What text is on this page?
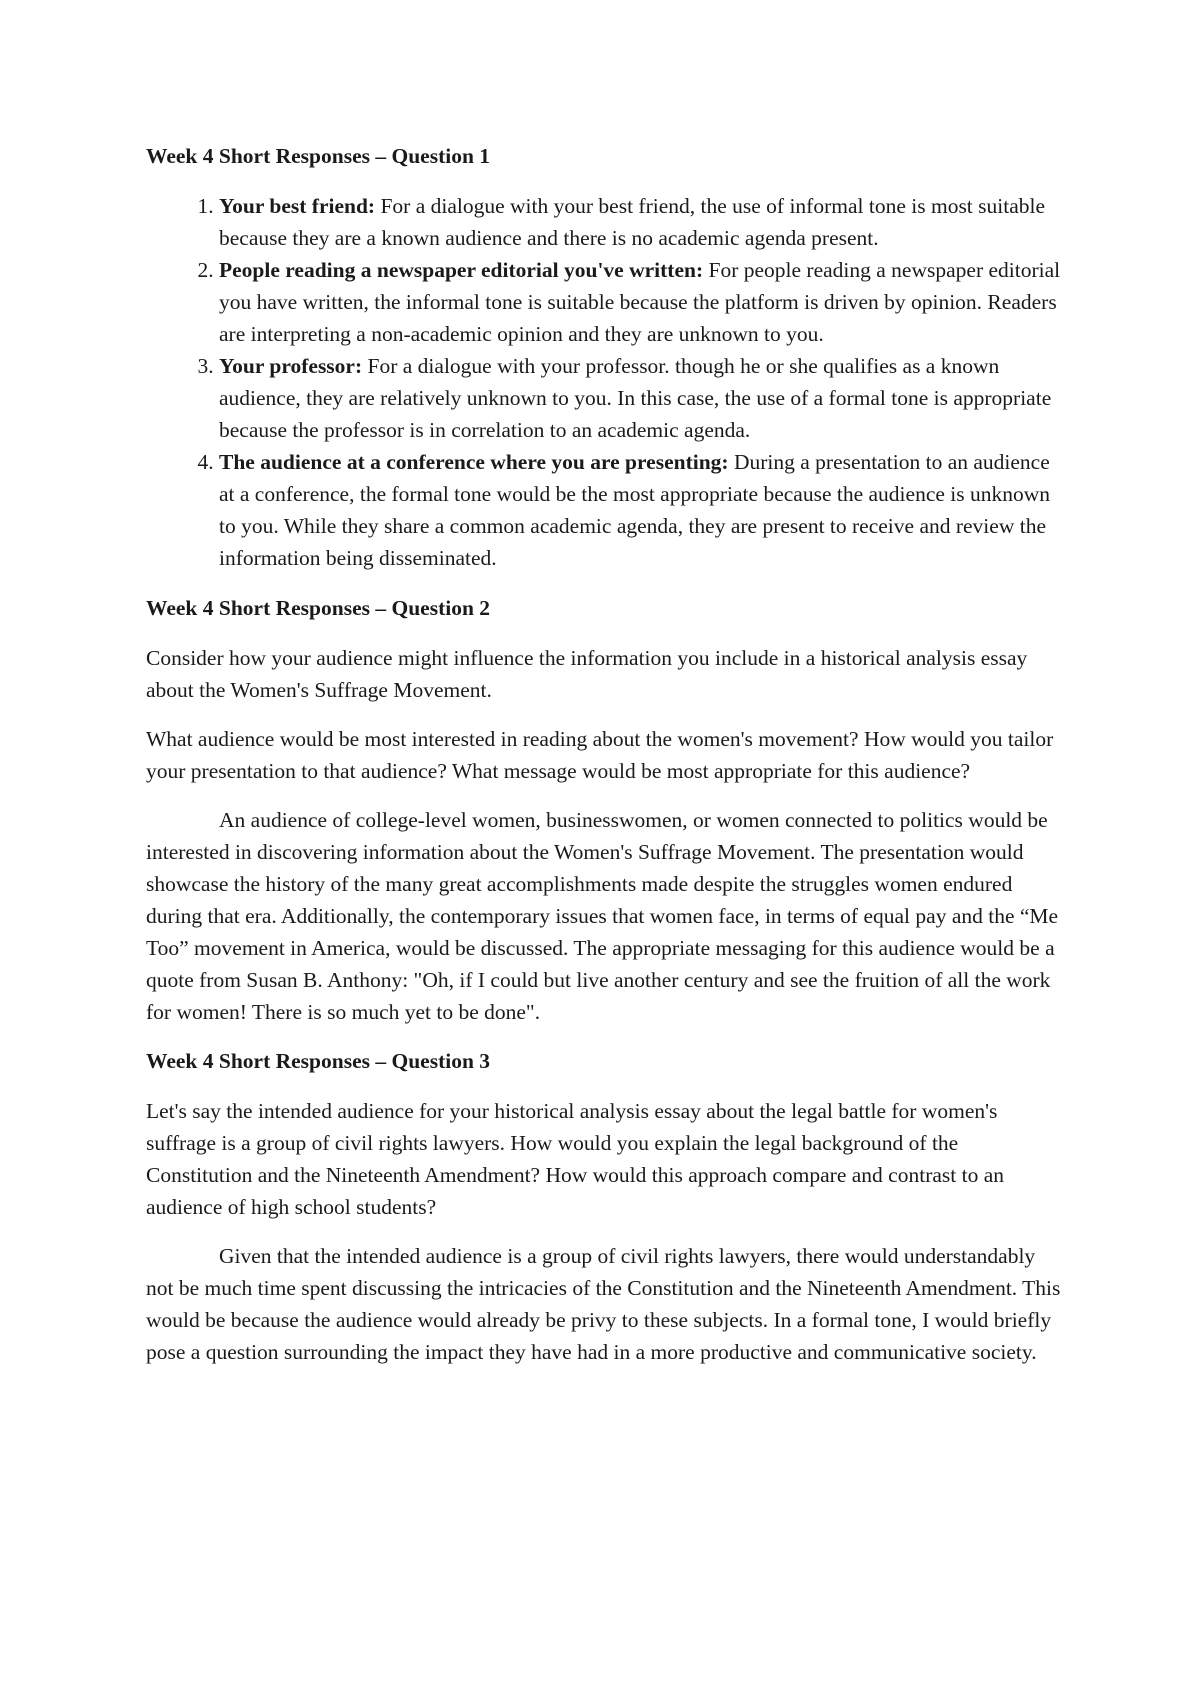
Week 4 Short Responses – Question 1

1. Your best friend: For a dialogue with your best friend, the use of informal tone is most suitable because they are a known audience and there is no academic agenda present.
2. People reading a newspaper editorial you've written: For people reading a newspaper editorial you have written, the informal tone is suitable because the platform is driven by opinion. Readers are interpreting a non-academic opinion and they are unknown to you.
3. Your professor: For a dialogue with your professor. though he or she qualifies as a known audience, they are relatively unknown to you. In this case, the use of a formal tone is appropriate because the professor is in correlation to an academic agenda.
4. The audience at a conference where you are presenting: During a presentation to an audience at a conference, the formal tone would be the most appropriate because the audience is unknown to you. While they share a common academic agenda, they are present to receive and review the information being disseminated.

Week 4 Short Responses – Question 2

Consider how your audience might influence the information you include in a historical analysis essay about the Women's Suffrage Movement.

What audience would be most interested in reading about the women's movement? How would you tailor your presentation to that audience? What message would be most appropriate for this audience?

An audience of college-level women, businesswomen, or women connected to politics would be interested in discovering information about the Women's Suffrage Movement. The presentation would showcase the history of the many great accomplishments made despite the struggles women endured during that era. Additionally, the contemporary issues that women face, in terms of equal pay and the “Me Too” movement in America, would be discussed. The appropriate messaging for this audience would be a quote from Susan B. Anthony: "Oh, if I could but live another century and see the fruition of all the work for women! There is so much yet to be done".

Week 4 Short Responses – Question 3

Let's say the intended audience for your historical analysis essay about the legal battle for women's suffrage is a group of civil rights lawyers. How would you explain the legal background of the Constitution and the Nineteenth Amendment? How would this approach compare and contrast to an audience of high school students?

Given that the intended audience is a group of civil rights lawyers, there would understandably not be much time spent discussing the intricacies of the Constitution and the Nineteenth Amendment. This would be because the audience would already be privy to these subjects. In a formal tone, I would briefly pose a question surrounding the impact they have had in a more productive and communicative society.
